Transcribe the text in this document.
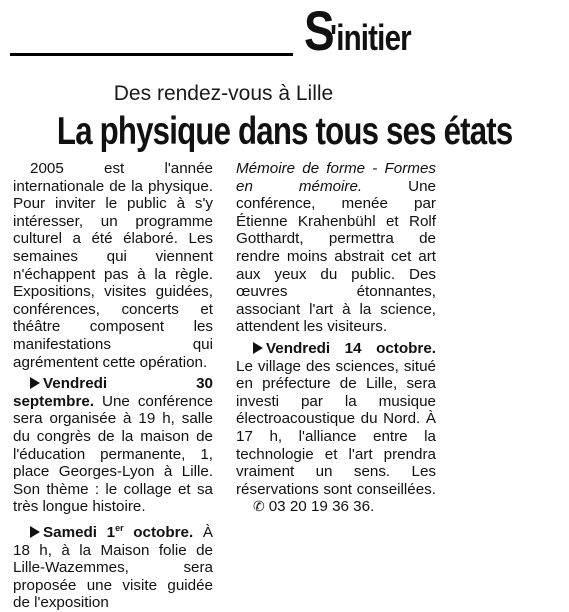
S
'initier
Des rendez-vous à Lille
La physique dans tous ses états

2005 est l'année internationale de la physique. Pour inviter le public à s'y intéresser, un programme culturel a été élaboré. Les semaines qui viennent n'échappent pas à la règle. Expositions, visites guidées, conférences, concerts et théâtre composent les manifestations qui agrémentent cette opération.

Vendredi 30 septembre. Une conférence sera organisée à 19 h, salle du congrès de la maison de l'éducation permanente, 1, place Georges-Lyon à Lille. Son thème : le collage et sa très longue histoire.

Samedi 1er octobre. À 18 h, à la Maison folie de Lille-Wazemmes, sera proposée une visite guidée de l'exposition

Mémoire de forme - Formes en mémoire.	Une conférence, menée par Étienne Krahenbühl et Rolf Gotthardt, permettra de rendre moins abstrait cet art aux yeux du public. Des œuvres étonnantes, associant l'art à la science, attendent les visiteurs.

Vendredi 14 octobre. Le village des sciences, situé en préfecture de Lille, sera investi par la musique électroacoustique du Nord. À 17 h, l'alliance entre la technologie et l'art prendra vraiment un sens. Les réservations sont conseillées. ✆ 03 20 19 36 36.
